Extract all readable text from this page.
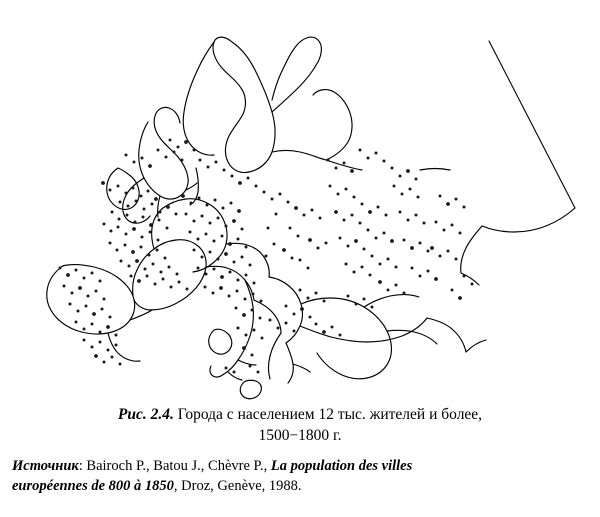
Рис. 2.4. Города с населением 12 тыс. жителей и более,
1500−1800 г.
Источник: Bairoch P., Batou J., Chèvre P., La population des villes
européennes de 800 à 1850, Droz, Genève, 1988.
